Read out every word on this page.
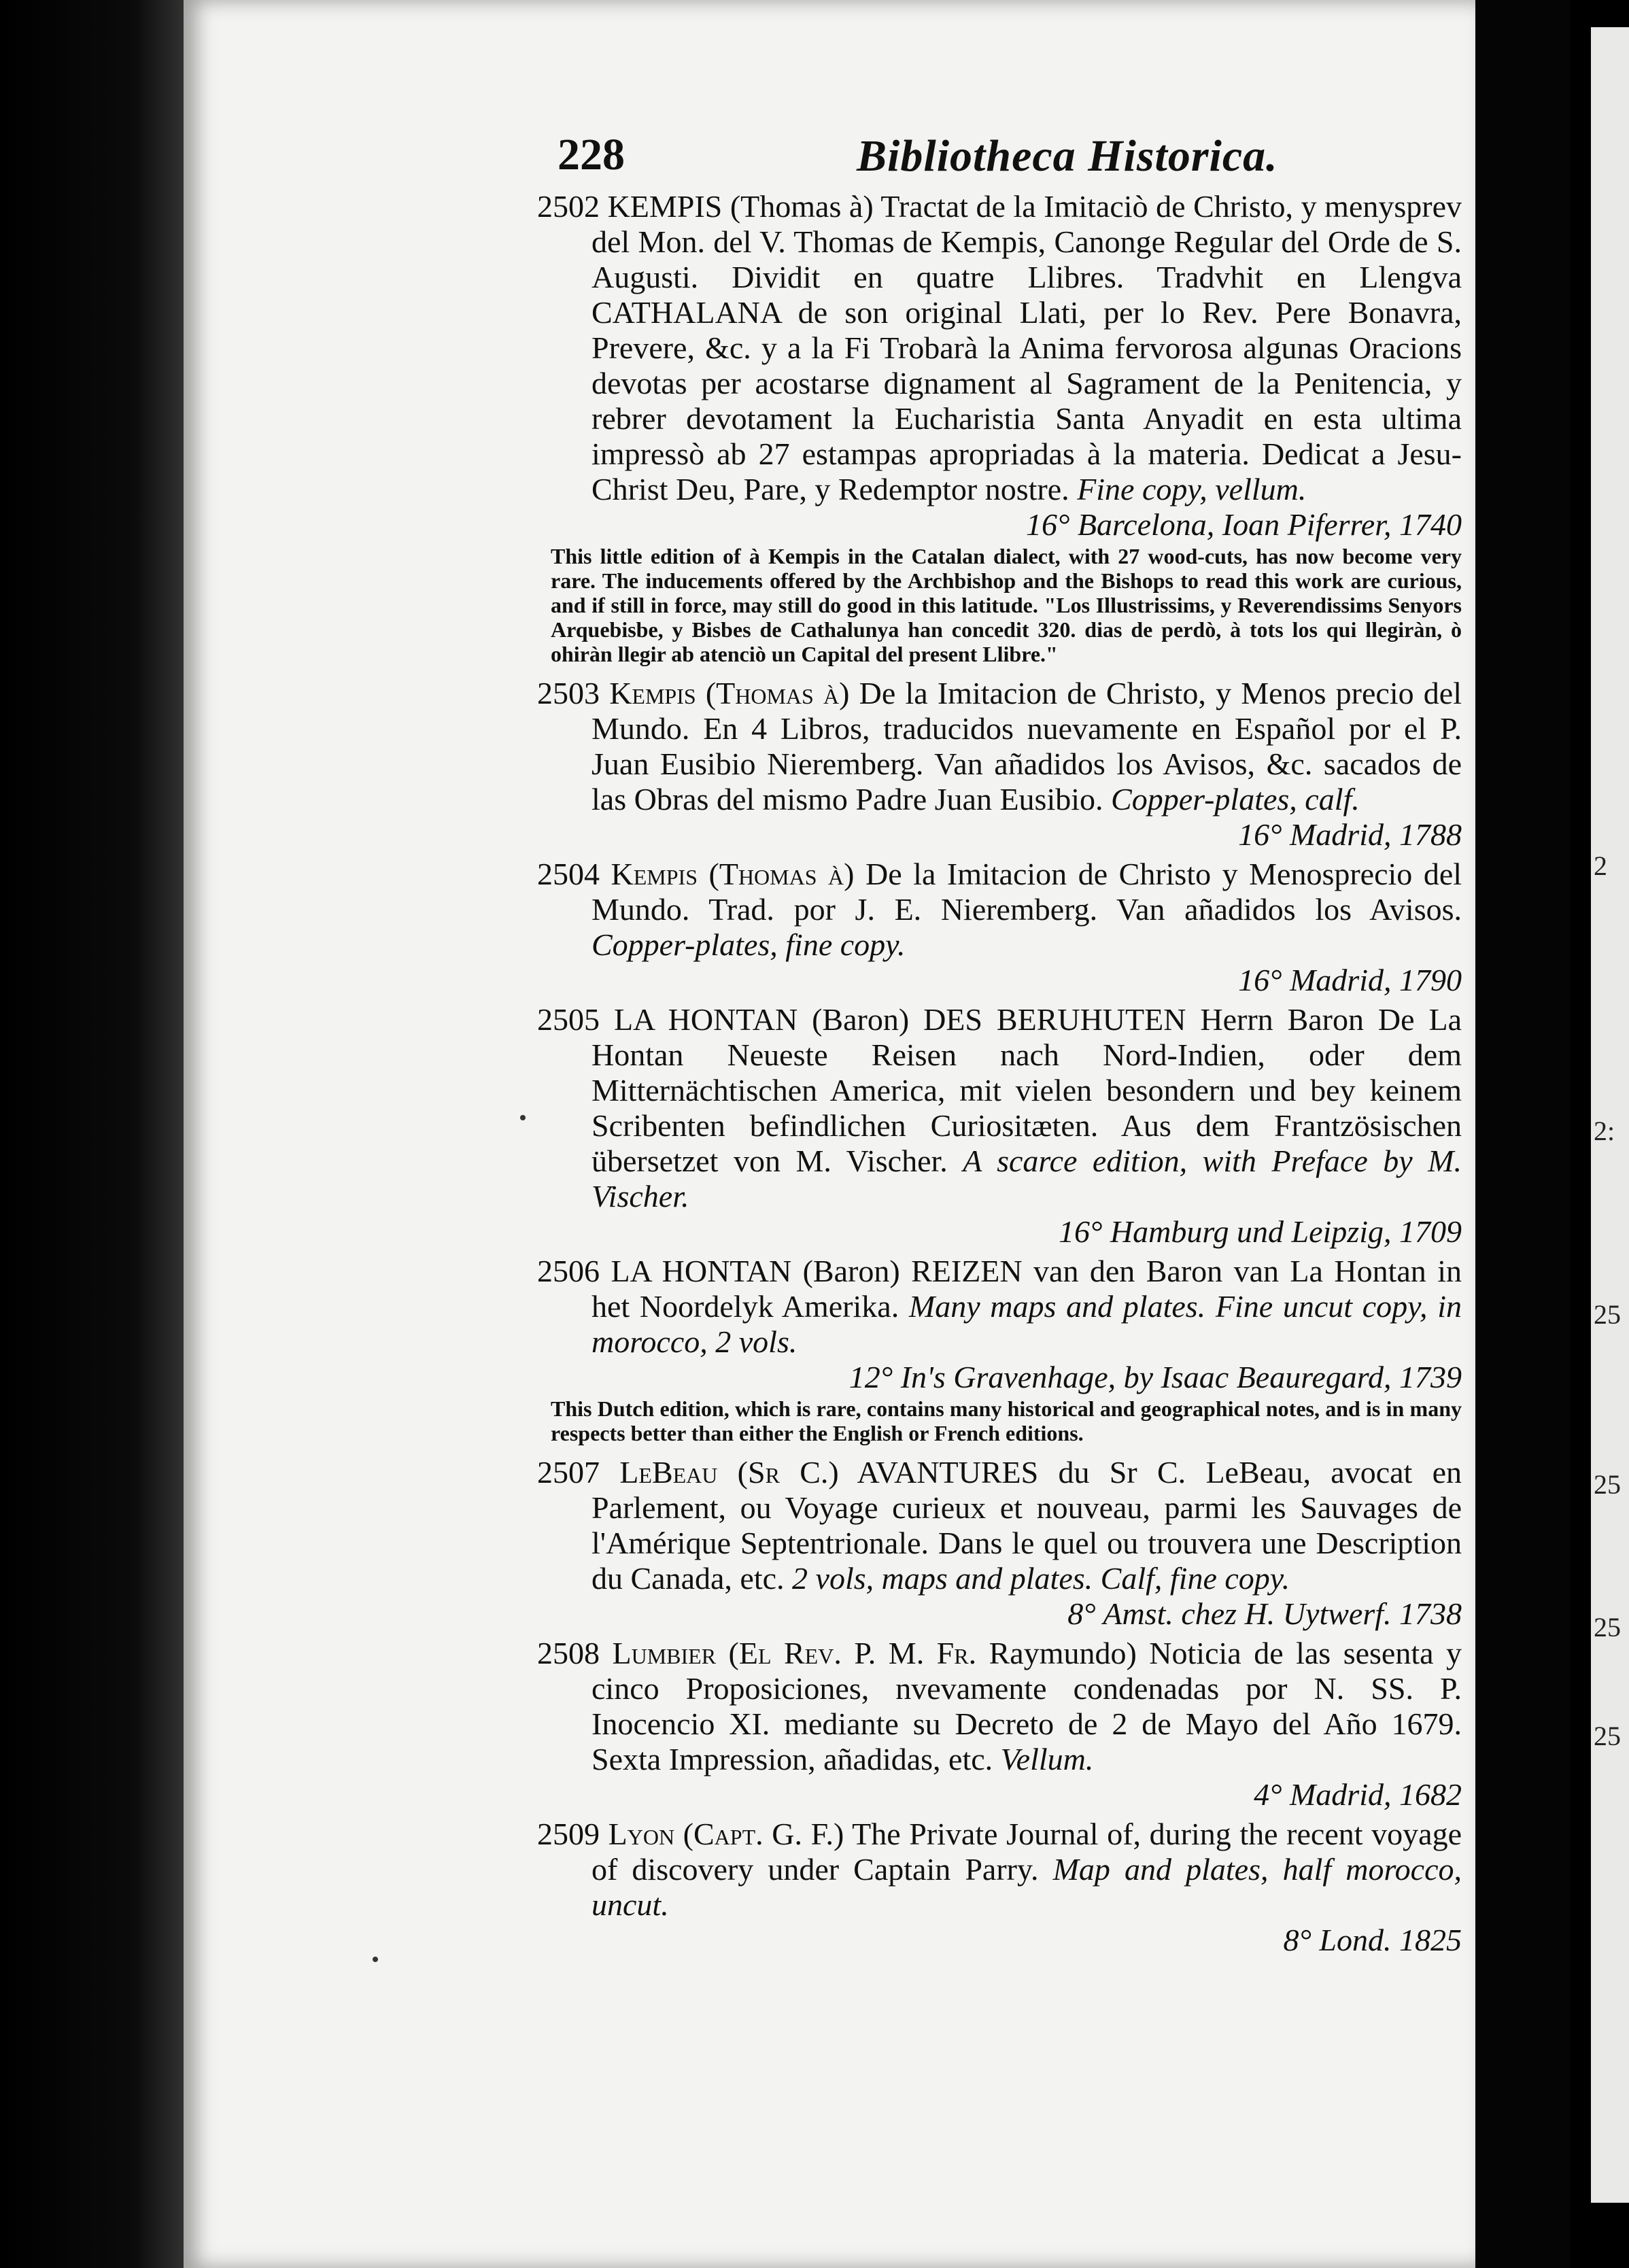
228	Bibliotheca Historica.
2502 KEMPIS (Thomas à) Tractat de la Imitaciò de Christo, y menysprev del Mon. del V. Thomas de Kempis, Canonge Regular del Orde de S. Augusti. Dividit en quatre Llibres. Tradvhit en Llengva CATHALANA de son original Llati, per lo Rev. Pere Bonavra, Prevere, &c. y a la Fi Trobarà la Anima fervorosa algunas Oracions devotas per acostarse dignament al Sagrament de la Penitencia, y rebrer devotament la Eucharistia Santa Anyadit en esta ultima impressò ab 27 estampas apropriadas à la materia. Dedicat a Jesu-Christ Deu, Pare, y Redemptor nostre. Fine copy, vellum.
16° Barcelona, Ioan Piferrer, 1740
This little edition of à Kempis in the Catalan dialect, with 27 wood-cuts, has now become very rare. The inducements offered by the Archbishop and the Bishops to read this work are curious, and if still in force, may still do good in this latitude. "Los Illustrissims, y Reverendissims Senyors Arquebisbe, y Bisbes de Cathalunya han concedit 320. dias de perdò, à tots los qui llegiràn, ò ohiràn llegir ab atenciò un Capital del present Llibre."
2503 Kempis (Thomas à) De la Imitacion de Christo, y Menos precio del Mundo. En 4 Libros, traducidos nuevamente en Español por el P. Juan Eusibio Nieremberg. Van añadidos los Avisos, &c. sacados de las Obras del mismo Padre Juan Eusibio. Copper-plates, calf.
16° Madrid, 1788
2504 Kempis (Thomas à) De la Imitacion de Christo y Menosprecio del Mundo. Trad. por J. E. Nieremberg. Van añadidos los Avisos. Copper-plates, fine copy.
16° Madrid, 1790
2505 LA HONTAN (Baron) DES BERUHUTEN Herrn Baron De La Hontan Neueste Reisen nach Nord-Indien, oder dem Mitternächtischen America, mit vielen besondern und bey keinem Scribenten befindlichen Curiositæten. Aus dem Frantzösischen übersetzet von M. Vischer. A scarce edition, with Preface by M. Vischer.
16° Hamburg und Leipzig, 1709
2506 LA HONTAN (Baron) REIZEN van den Baron van La Hontan in het Noordelyk Amerika. Many maps and plates. Fine uncut copy, in morocco, 2 vols.
12° In's Gravenhage, by Isaac Beauregard, 1739
This Dutch edition, which is rare, contains many historical and geographical notes, and is in many respects better than either the English or French editions.
2507 LeBeau (Sr C.) AVANTURES du Sr C. LeBeau, avocat en Parlement, ou Voyage curieux et nouveau, parmi les Sauvages de l'Amérique Septentrionale. Dans le quel ou trouvera une Description du Canada, etc. 2 vols, maps and plates. Calf, fine copy.
8° Amst. chez H. Uytwerf. 1738
2508 Lumbier (El Rev. P. M. Fr. Raymundo) Noticia de las sesenta y cinco Proposiciones, nvevamente condenadas por N. SS. P. Inocencio XI. mediante su Decreto de 2 de Mayo del Año 1679. Sexta Impression, añadidas, etc. Vellum.
4° Madrid, 1682
2509 Lyon (Capt. G. F.) The Private Journal of, during the recent voyage of discovery under Captain Parry. Map and plates, half morocco, uncut.
8° Lond. 1825
2
2:
25
25
25
25
